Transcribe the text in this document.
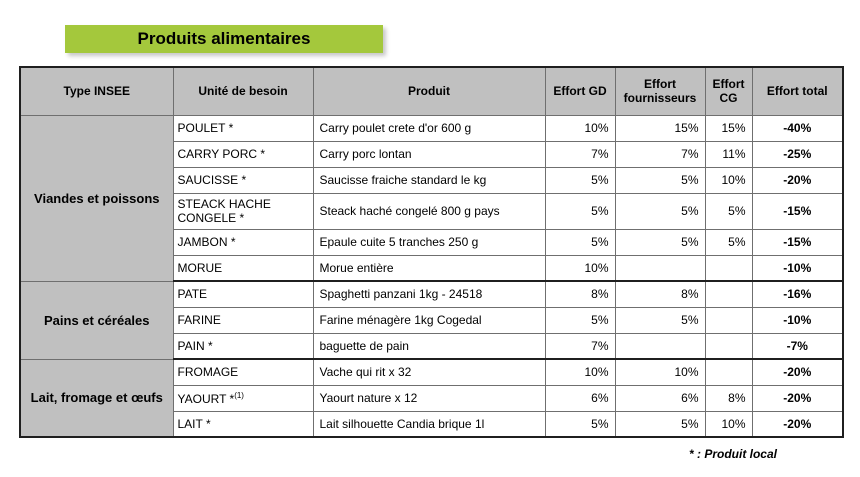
Produits alimentaires
Type INSEE	Unité de besoin	Produit	Effort GD	Effort fournisseurs	Effort CG	Effort total
Viandes et poissons	POULET *	Carry poulet crete d'or 600 g	10%	15%	15%	-40%
	CARRY PORC *	Carry porc lontan	7%	7%	11%	-25%
	SAUCISSE *	Saucisse fraiche standard le kg	5%	5%	10%	-20%
	STEACK HACHE CONGELE *	Steack haché congelé 800 g pays	5%	5%	5%	-15%
	JAMBON *	Epaule cuite 5 tranches 250 g	5%	5%	5%	-15%
	MORUE	Morue entière	10%			-10%
Pains et céréales	PATE	Spaghetti panzani 1kg - 24518	8%	8%		-16%
	FARINE	Farine ménagère 1kg Cogedal	5%	5%		-10%
	PAIN *	baguette de pain	7%			-7%
Lait, fromage et œufs	FROMAGE	Vache qui rit x 32	10%	10%		-20%
	YAOURT *$^{(1)}$	Yaourt nature x 12	6%	6%	8%	-20%
	LAIT *	Lait silhouette Candia brique 1l	5%	5%	10%	-20%
* : Produit local
